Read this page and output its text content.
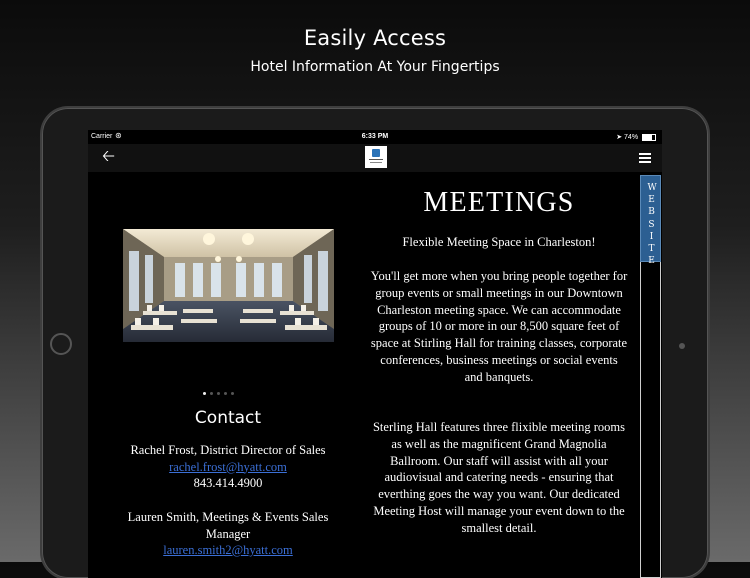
Easily Access
Hotel Information At Your Fingertips
Carrier ⊛	6:33 PM	➤ 74%
🡠
WEBSITE
Contact
Rachel Frost, District Director of Sales
rachel.frost@hyatt.com
843.414.4900
Lauren Smith, Meetings & Events Sales Manager
lauren.smith2@hyatt.com
MEETINGS
Flexible Meeting Space in Charleston!
You'll get more when you bring people together for group events or small meetings in our Downtown Charleston meeting space. We can accommodate groups of 10 or more in our 8,500 square feet of space at Stirling Hall for training classes, corporate conferences, business meetings or social events and banquets.
Sterling Hall features three flixible meeting rooms as well as the magnificent Grand Magnolia Ballroom. Our staff will assist with all your audiovisual and catering needs - ensuring that everthing goes the way you want. Our dedicated Meeting Host will manage your event down to the smallest detail.
